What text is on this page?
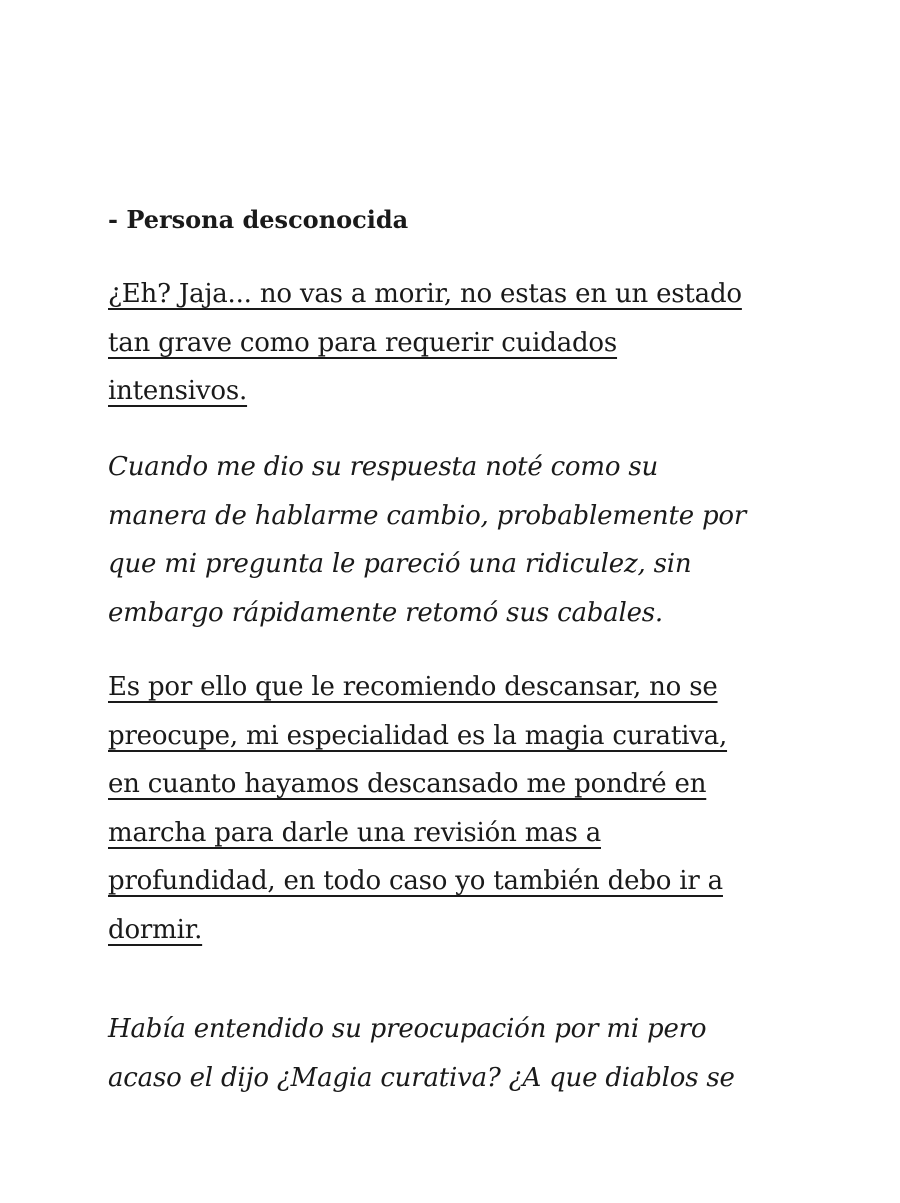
- Persona desconocida
¿Eh? Jaja... no vas a morir, no estas en un estado
tan grave como para requerir cuidados
intensivos.
Cuando me dio su respuesta noté como su
manera de hablarme cambio, probablemente por
que mi pregunta le pareció una ridiculez, sin
embargo rápidamente retomó sus cabales.
Es por ello que le recomiendo descansar, no se
preocupe, mi especialidad es la magia curativa,
en cuanto hayamos descansado me pondré en
marcha para darle una revisión mas a
profundidad, en todo caso yo también debo ir a
dormir.
Había entendido su preocupación por mi pero
acaso el dijo ¿Magia curativa? ¿A que diablos se
